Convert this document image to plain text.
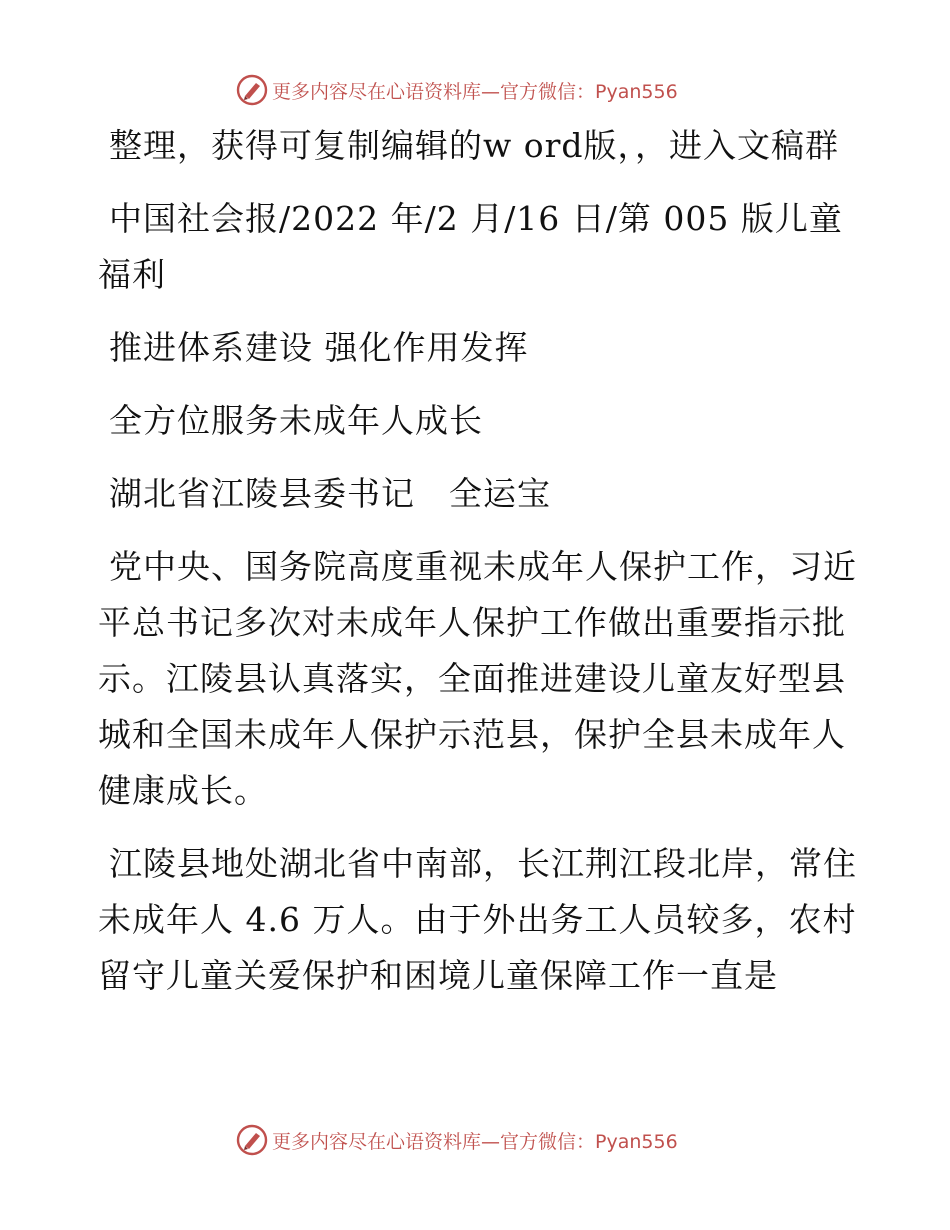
更多内容尽在心语资料库—官方微信：Pyan556

整理，获得可复制编辑的w ord版，，进入文稿群

中国社会报/2022 年/2 月/16 日/第 005 版儿童福利

推进体系建设 强化作用发挥

全方位服务未成年人成长

湖北省江陵县委书记　全运宝

党中央、国务院高度重视未成年人保护工作，习近平总书记多次对未成年人保护工作做出重要指示批示。江陵县认真落实，全面推进建设儿童友好型县城和全国未成年人保护示范县，保护全县未成年人健康成长。

江陵县地处湖北省中南部，长江荆江段北岸，常住未成年人 4.6 万人。由于外出务工人员较多，农村留守儿童关爱保护和困境儿童保障工作一直是

更多内容尽在心语资料库—官方微信：Pyan556
